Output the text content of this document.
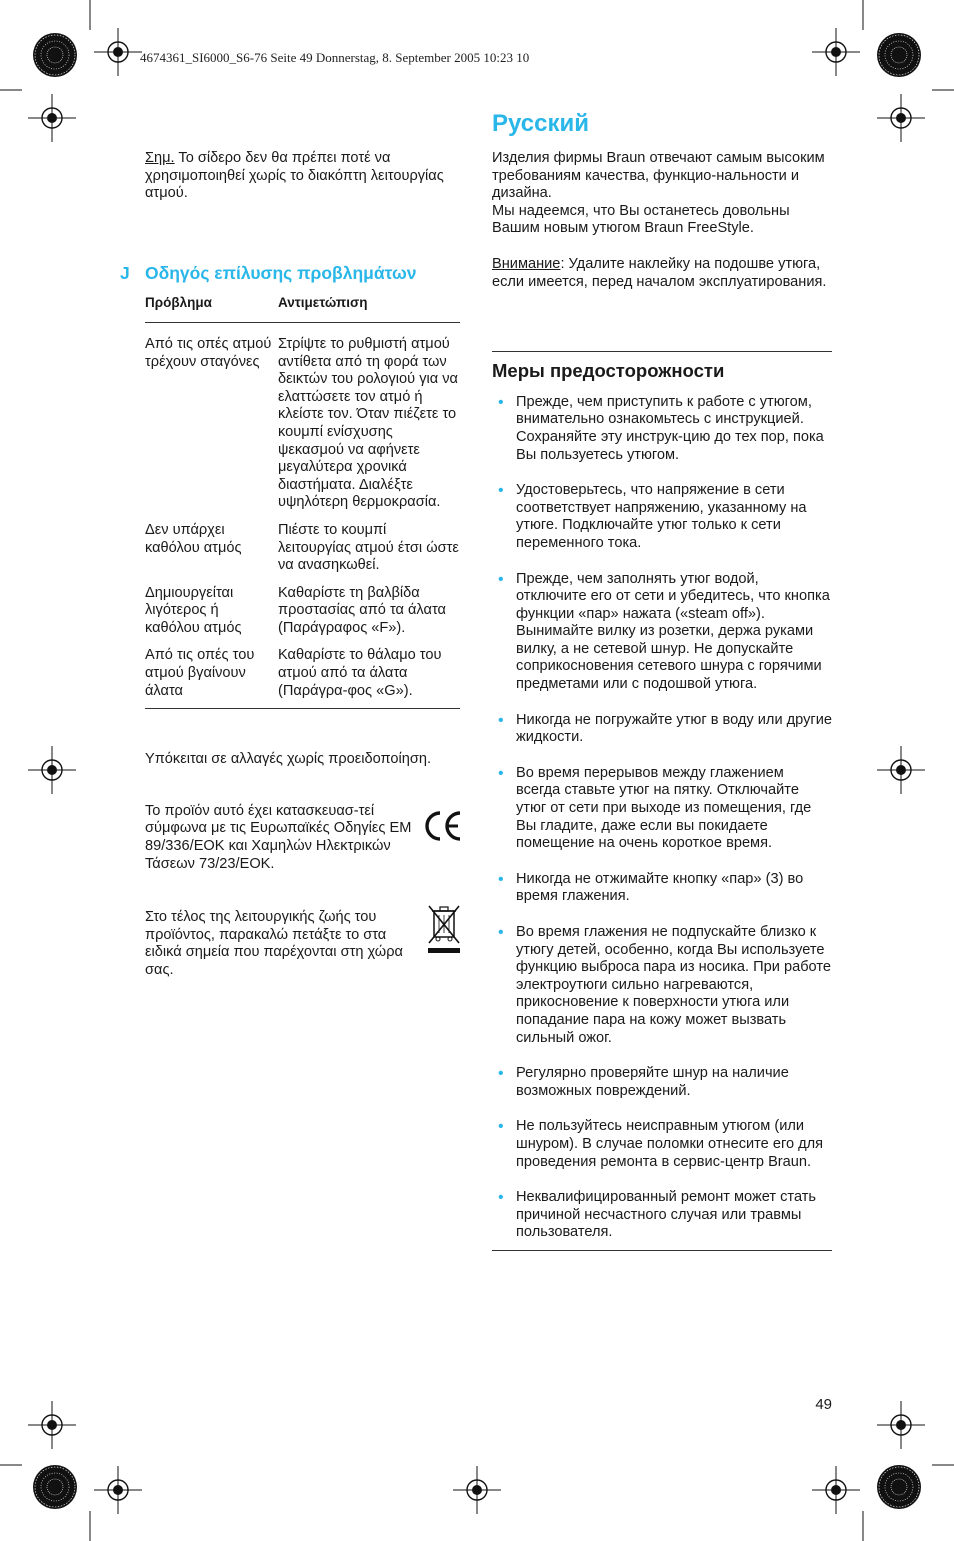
4674361_SI6000_S6-76 Seite 49 Donnerstag, 8. September 2005 10:23 10

Σημ. Το σίδερο δεν θα πρέπει ποτέ να χρησιμοποιηθεί χωρίς το διακόπτη λειτουργίας ατμού.

J Οδηγός επίλυσης προβλημάτων
Πρόβλημα	Αντιμετώπιση
Από τις οπές ατμού τρέχουν σταγόνες	Στρίψτε το ρυθμιστή ατμού αντίθετα από τη φορά των δεικτών του ρολογιού για να ελαττώσετε τον ατμό ή κλείστε τον. Όταν πιέζετε το κουμπί ενίσχυσης ψεκασμού να αφήνετε μεγαλύτερα χρονικά διαστήματα. Διαλέξτε υψηλότερη θερμοκρασία.
Δεν υπάρχει καθόλου ατμός	Πιέστε το κουμπί λειτουργίας ατμού έτσι ώστε να ανασηκωθεί.
Δημιουργείται λιγότερος ή καθόλου ατμός	Καθαρίστε τη βαλβίδα προστασίας από τα άλατα (Παράγραφος «F»).
Από τις οπές του ατμού βγαίνουν άλατα	Καθαρίστε το θάλαμο του ατμού από τα άλατα (Παράγρα-φος «G»).

Υπόκειται σε αλλαγές χωρίς προειδοποίηση.

Το προϊόν αυτό έχει κατασκευασ-τεί σύμφωνα με τις Ευρωπαϊκές Οδηγίες ΕΜ 89/336/ΕΟΚ και Χαμηλών Ηλεκτρικών Τάσεων 73/23/ΕΟΚ.

Στο τέλος της λειτουργικής ζωής του προϊόντος, παρακαλώ πετάξτε το στα ειδικά σημεία που παρέχονται στη χώρα σας.

Русский

Изделия фирмы Braun отвечают самым высоким требованиям качества, функцио-нальности и дизайна.

Мы надеемся, что Вы останетесь довольны Вашим новым утюгом Braun FreeStyle.

Внимание: Удалите наклейку на подошве утюга, если имеется, перед началом эксплуатирования.

Меры предосторожности
• Прежде, чем приступить к работе с утюгом, внимательно ознакомьтесь с инструкцией. Сохраняйте эту инструк-цию до тех пор, пока Вы пользуетесь утюгом.
• Удостоверьтесь, что напряжение в сети соответствует напряжению, указанному на утюге. Подключайте утюг только к сети переменного тока.
• Прежде, чем заполнять утюг водой, отключите его от сети и убедитесь, что кнопка функции «пар» нажата («steam off»). Вынимайте вилку из розетки, держа руками вилку, а не сетевой шнур. Не допускайте соприкосновения сетевого шнура с горячими предметами или с подошвой утюга.
• Никогда не погружайте утюг в воду или другие жидкости.
• Во время перерывов между глажением всегда ставьте утюг на пятку. Отключайте утюг от сети при выходе из помещения, где Вы гладите, даже если вы покидаете помещение на очень короткое время.
• Никогда не отжимайте кнопку «пар» (3) во время глажения.
• Во время глажения не подпускайте близко к утюгу детей, особенно, когда Вы используете функцию выброса пара из носика. При работе электроутюги сильно нагреваются, прикосновение к поверхности утюга или попадание пара на кожу может вызвать сильный ожог.
• Регулярно проверяйте шнур на наличие возможных повреждений.
• Не пользуйтесь неисправным утюгом (или шнуром). В случае поломки отнесите его для проведения ремонта в сервис-центр Braun.
• Неквалифицированный ремонт может стать причиной несчастного случая или травмы пользователя.
49
